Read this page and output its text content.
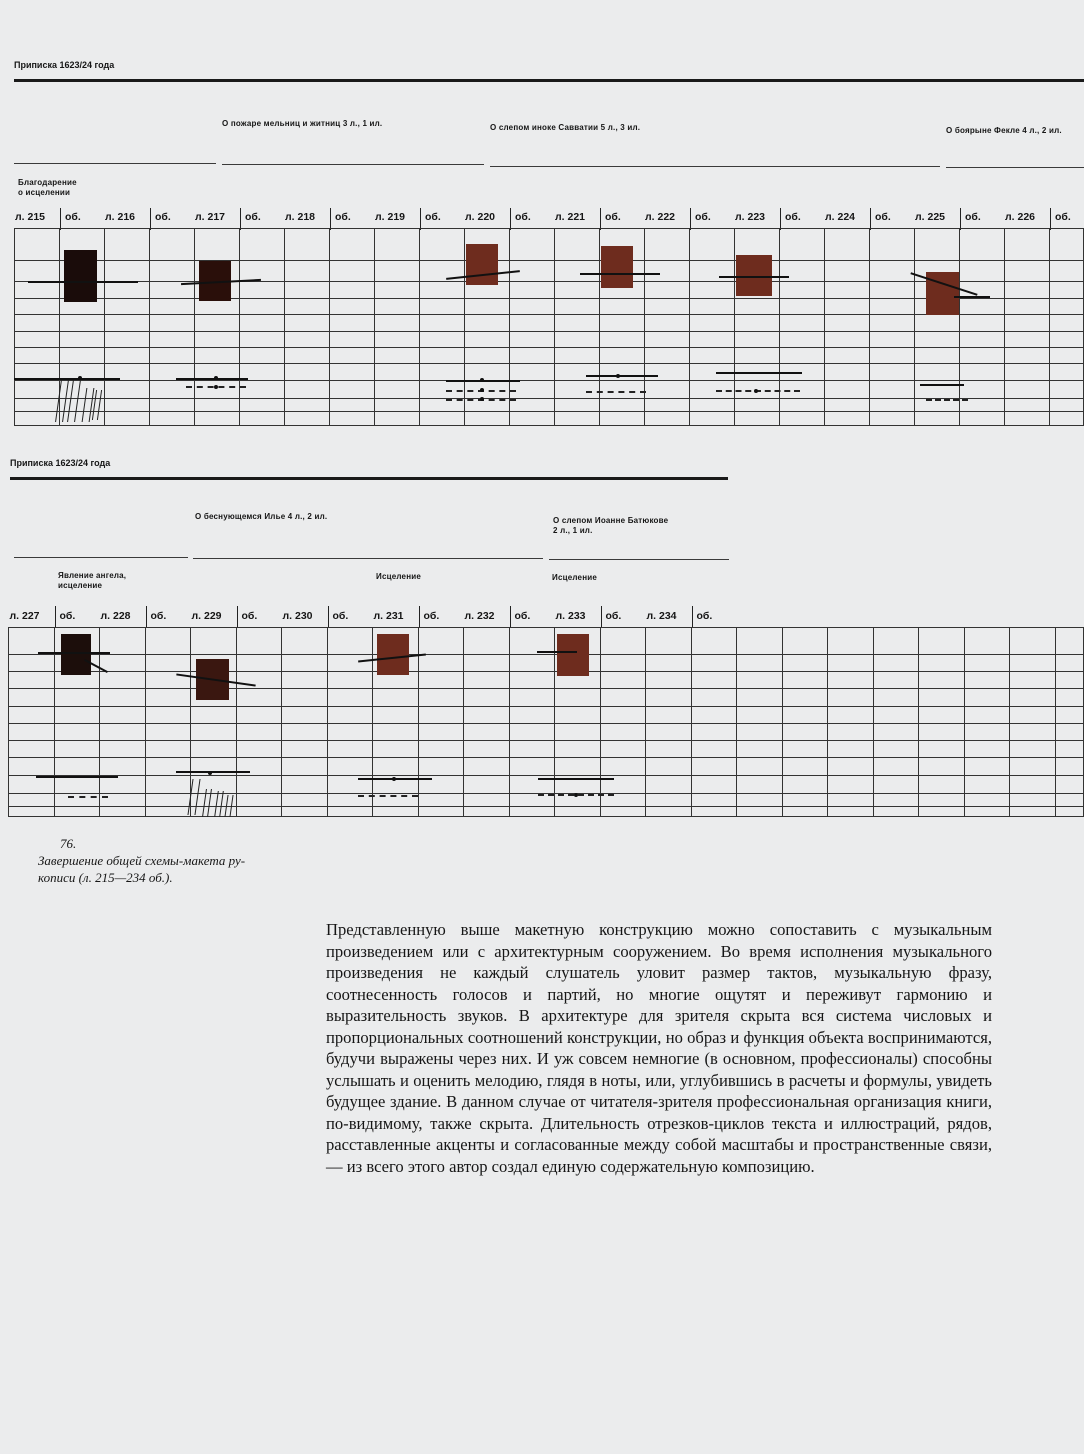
Приписка 1623/24 года
О пожаре мельниц и житниц 3 л., 1 ил.	О слепом иноке Савватии 5 л., 3 ил.	О боярыне Фекле 4 л., 2 ил.
Благодарение
о исцелении
л. 215 об. л. 216 об. л. 217 об. л. 218 об. л. 219 об. л. 220 об. л. 221 об. л. 222 об. л. 223 об. л. 224 об. л. 225 об. л. 226 об.
Приписка 1623/24 года
О беснующемся Илье 4 л., 2 ил.	О слепом Иоанне Батюкове
2 л., 1 ил.
Явление ангела,
исцеление
Исцеление	Исцеление
л. 227 об. л. 228 об. л. 229 об. л. 230 об. л. 231 об. л. 232 об. л. 233 об. л. 234 об.
76.
Завершение общей схемы-макета ру-
кописи (л. 215—234 об.).
Представленную выше макетную конструкцию можно сопоставить с музыкальным произведением или с архитектурным сооружением. Во время исполнения музыкального произведения не каждый слушатель уловит размер тактов, музыкальную фразу, соотнесенность голосов и партий, но многие ощутят и переживут гармонию и выразительность звуков. В архитектуре для зрителя скрыта вся система числовых и пропорциональных соотношений конструкции, но образ и функция объекта воспринимаются, будучи выражены через них. И уж совсем немногие (в основном, профессионалы) способны услышать и оценить мелодию, глядя в ноты, или, углубившись в расчеты и формулы, увидеть будущее здание. В данном случае от читателя-зрителя профессиональная организация книги, по-видимому, также скрыта. Длительность отрезков-циклов текста и иллюстраций, рядов, расставленные акценты и согласованные между собой масштабы и пространственные связи, — из всего этого автор создал единую содержательную композицию.
